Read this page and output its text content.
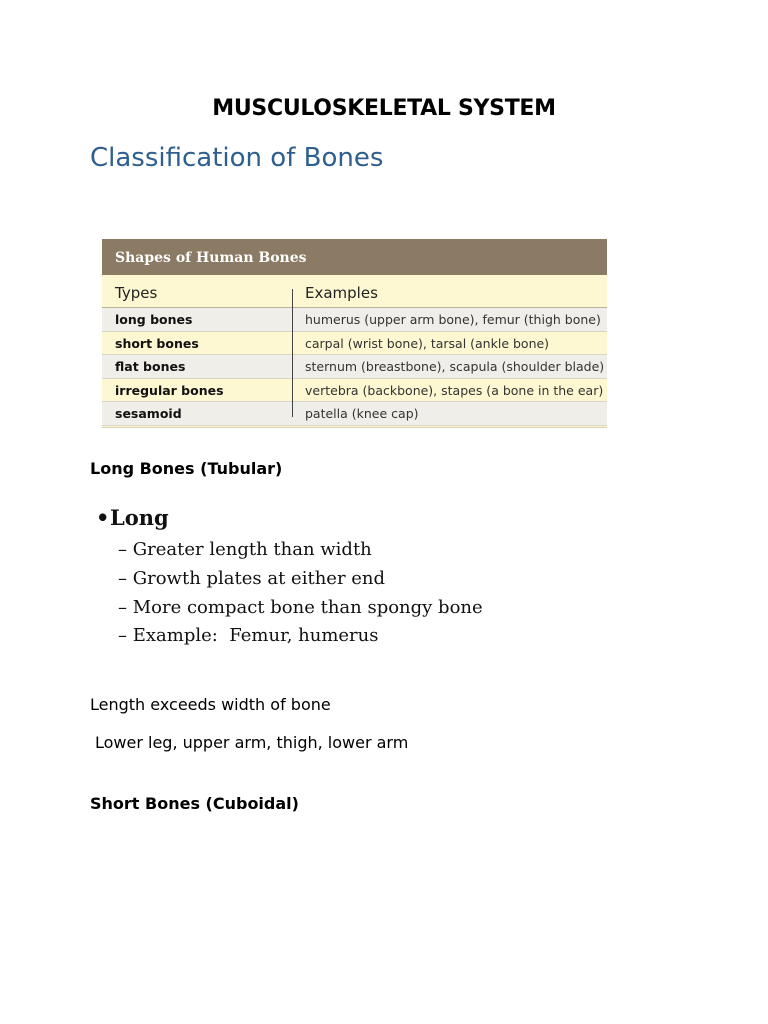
MUSCULOSKELETAL SYSTEM
Classification of Bones
Shapes of Human Bones
Types	Examples
long bones	humerus (upper arm bone), femur (thigh bone)
short bones	carpal (wrist bone), tarsal (ankle bone)
flat bones	sternum (breastbone), scapula (shoulder blade)
irregular bones	vertebra (backbone), stapes (a bone in the ear)
sesamoid	patella (knee cap)
Long Bones (Tubular)
•Long
– Greater length than width
– Growth plates at either end
– More compact bone than spongy bone
– Example:  Femur, humerus

Length exceeds width of bone

Lower leg, upper arm, thigh, lower arm

Short Bones (Cuboidal)
